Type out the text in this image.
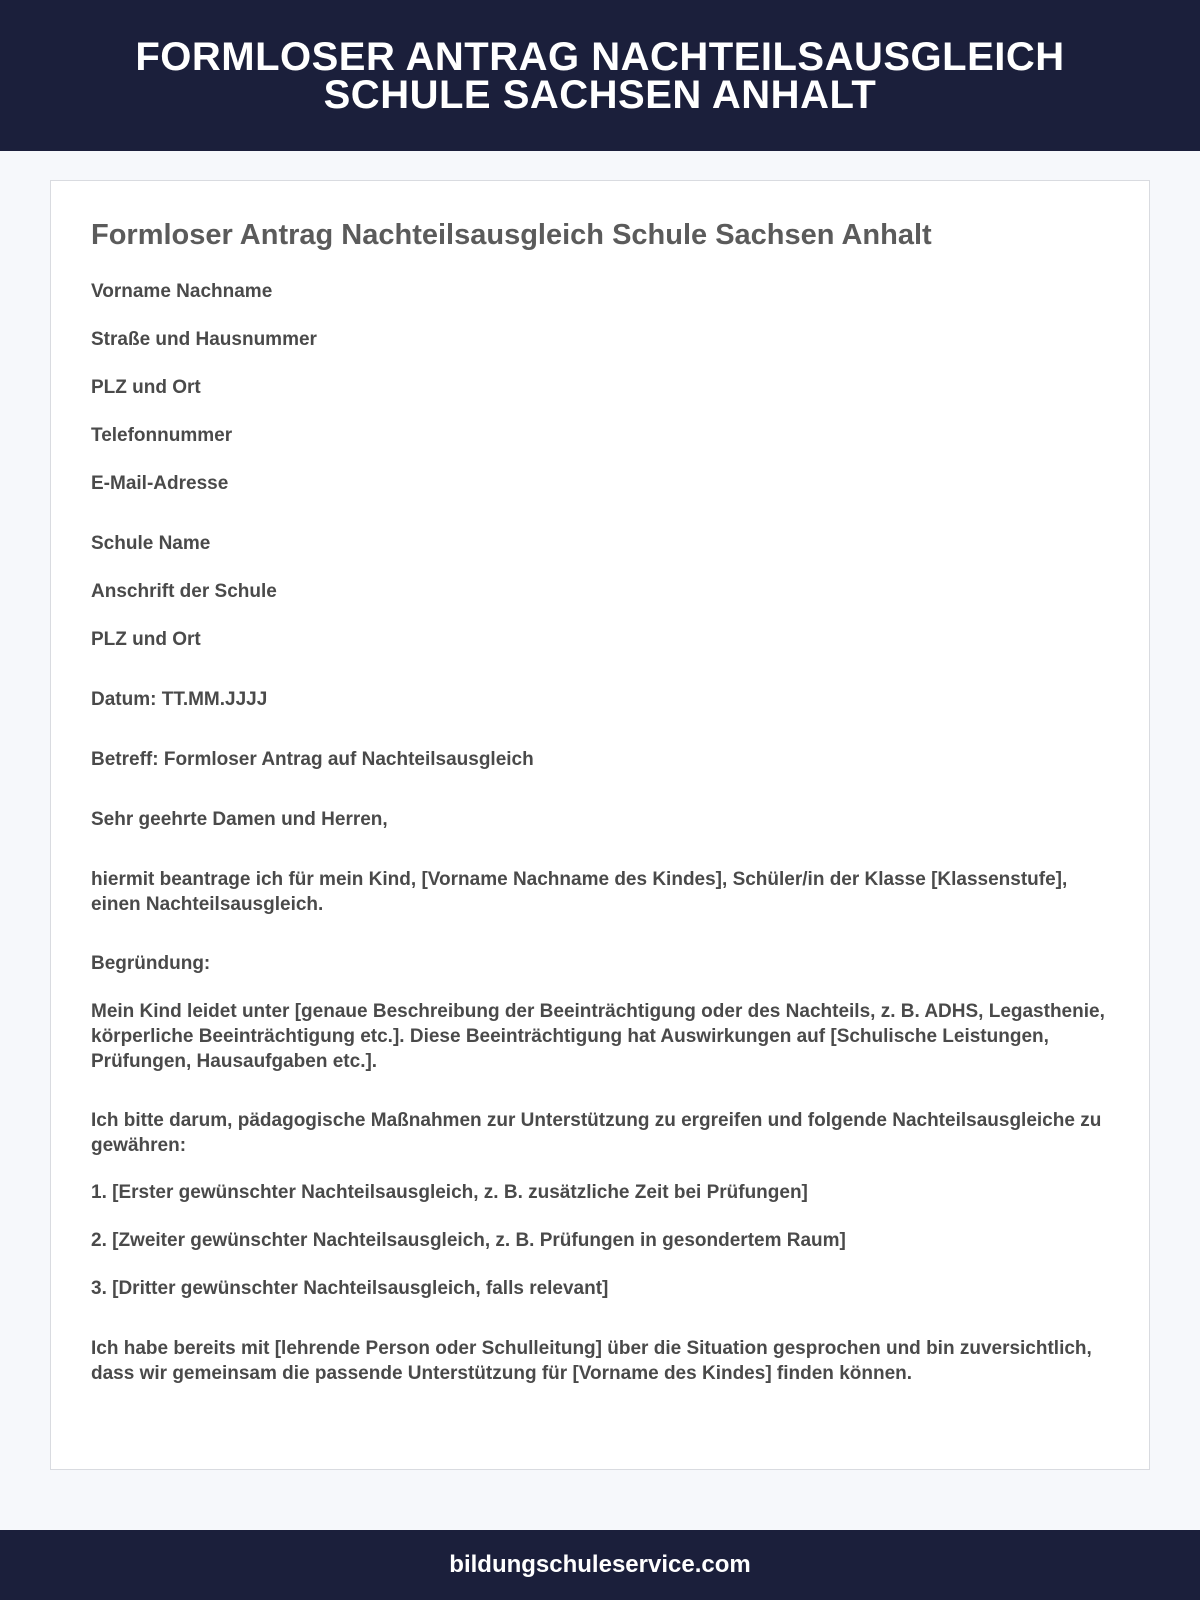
FORMLOSER ANTRAG NACHTEILSAUSGLEICH
SCHULE SACHSEN ANHALT
Formloser Antrag Nachteilsausgleich Schule Sachsen Anhalt

Vorname Nachname

Straße und Hausnummer

PLZ und Ort

Telefonnummer

E-Mail-Adresse

Schule Name

Anschrift der Schule

PLZ und Ort

Datum: TT.MM.JJJJ

Betreff: Formloser Antrag auf Nachteilsausgleich

Sehr geehrte Damen und Herren,

hiermit beantrage ich für mein Kind, [Vorname Nachname des Kindes], Schüler/in der Klasse [Klassenstufe], einen Nachteilsausgleich.

Begründung:

Mein Kind leidet unter [genaue Beschreibung der Beeinträchtigung oder des Nachteils, z. B. ADHS, Legasthenie, körperliche Beeinträchtigung etc.]. Diese Beeinträchtigung hat Auswirkungen auf [Schulische Leistungen, Prüfungen, Hausaufgaben etc.].

Ich bitte darum, pädagogische Maßnahmen zur Unterstützung zu ergreifen und folgende Nachteilsausgleiche zu gewähren:

1. [Erster gewünschter Nachteilsausgleich, z. B. zusätzliche Zeit bei Prüfungen]

2. [Zweiter gewünschter Nachteilsausgleich, z. B. Prüfungen in gesondertem Raum]

3. [Dritter gewünschter Nachteilsausgleich, falls relevant]

Ich habe bereits mit [lehrende Person oder Schulleitung] über die Situation gesprochen und bin zuversichtlich, dass wir gemeinsam die passende Unterstützung für [Vorname des Kindes] finden können.

bildungschuleservice.com
